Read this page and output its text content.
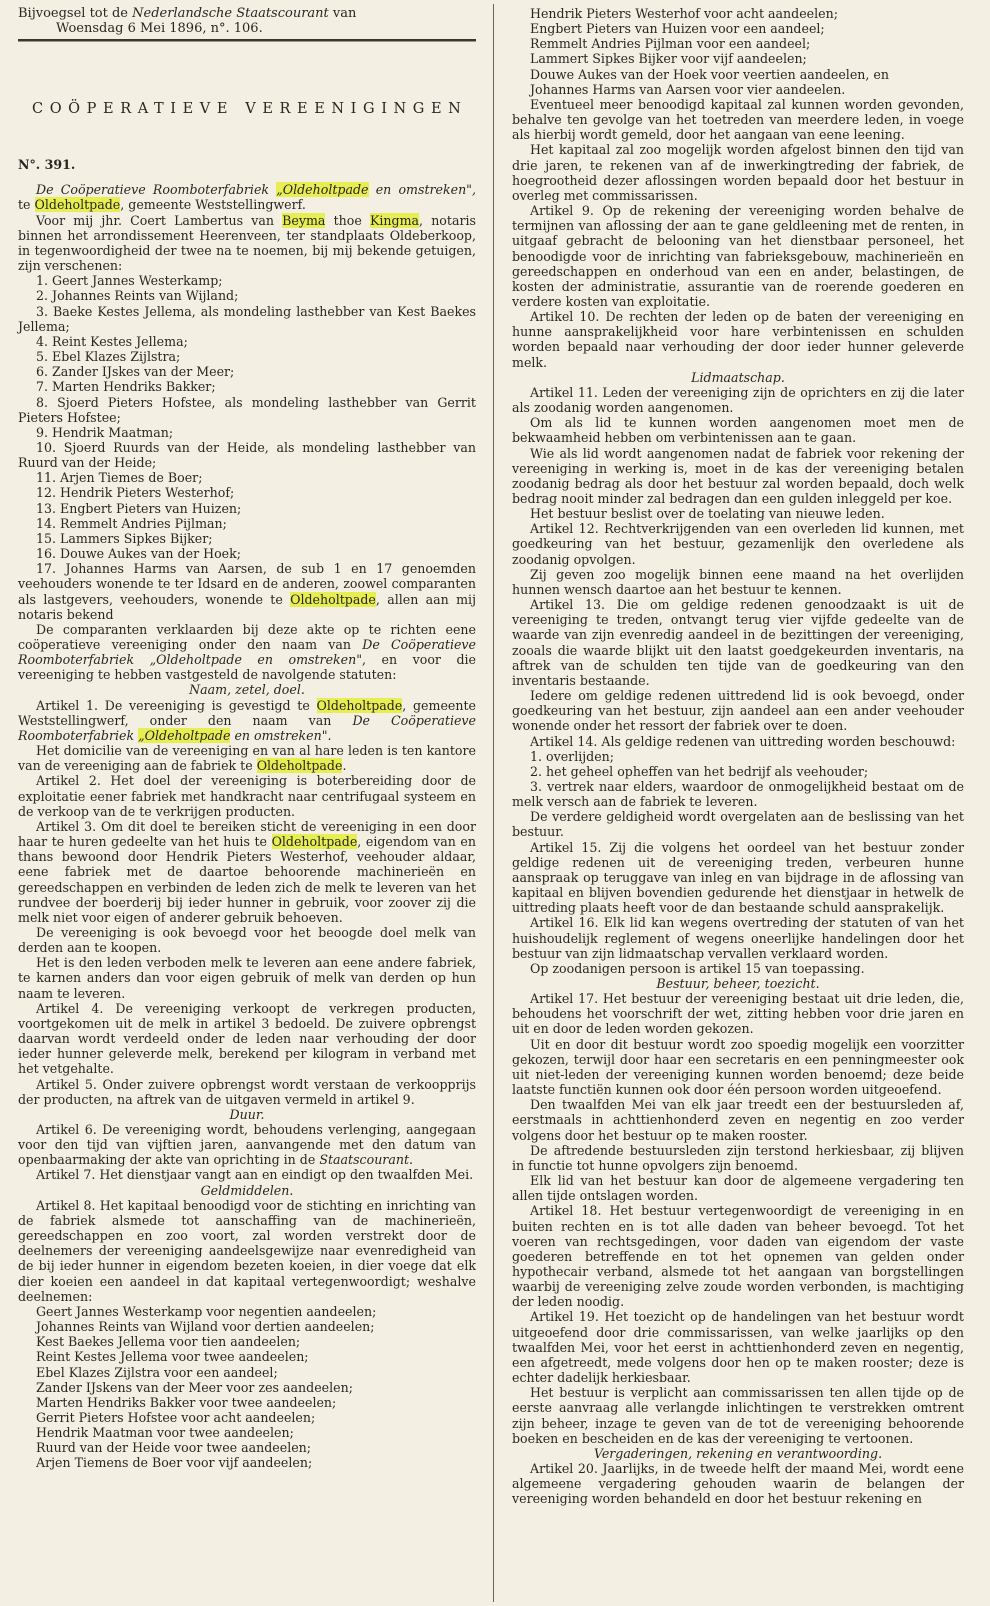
Bijvoegsel tot de Nederlandsche Staatscourant van

Woensdag 6 Mei 1896, n°. 106.

COÖPERATIEVE VEREENIGINGEN
N°. 391.

De Coöperatieve Roomboterfabriek „Oldeholtpade en omstreken", te Oldeholtpade, gemeente Weststellingwerf.

Voor mij jhr. Coert Lambertus van Beyma thoe Kingma, notaris binnen het arrondissement Heerenveen, ter standplaats Oldeberkoop, in tegenwoordigheid der twee na te noemen, bij mij bekende getuigen, zijn verschenen:

1. Geert Jannes Westerkamp;

2. Johannes Reints van Wijland;

3. Baeke Kestes Jellema, als mondeling lasthebber van Kest Baekes Jellema;

4. Reint Kestes Jellema;

5. Ebel Klazes Zijlstra;

6. Zander IJskes van der Meer;

7. Marten Hendriks Bakker;

8. Sjoerd Pieters Hofstee, als mondeling lasthebber van Gerrit Pieters Hofstee;

9. Hendrik Maatman;

10. Sjoerd Ruurds van der Heide, als mondeling lasthebber van Ruurd van der Heide;

11. Arjen Tiemes de Boer;

12. Hendrik Pieters Westerhof;

13. Engbert Pieters van Huizen;

14. Remmelt Andries Pijlman;

15. Lammers Sipkes Bijker;

16. Douwe Aukes van der Hoek;

17. Johannes Harms van Aarsen, de sub 1 en 17 genoemden veehouders wonende te ter Idsard en de anderen, zoowel comparanten als lastgevers, veehouders, wonende te Oldeholtpade, allen aan mij notaris bekend

De comparanten verklaarden bij deze akte op te richten eene coöperatieve vereeniging onder den naam van De Coöperatieve Roomboterfabriek „Oldeholtpade en omstreken", en voor die vereeniging te hebben vastgesteld de navolgende statuten:

Naam, zetel, doel.

Artikel 1. De vereeniging is gevestigd te Oldeholtpade, gemeente Weststellingwerf, onder den naam van De Coöperatieve Roomboterfabriek „Oldeholtpade en omstreken".

Het domicilie van de vereeniging en van al hare leden is ten kantore van de vereeniging aan de fabriek te Oldeholtpade.

Artikel 2. Het doel der vereeniging is boterbereiding door de exploitatie eener fabriek met handkracht naar centrifugaal systeem en de verkoop van de te verkrijgen producten.

Artikel 3. Om dit doel te bereiken sticht de vereeniging in een door haar te huren gedeelte van het huis te Oldeholtpade, eigendom van en thans bewoond door Hendrik Pieters Westerhof, veehouder aldaar, eene fabriek met de daartoe behoorende machinerieën en gereedschappen en verbinden de leden zich de melk te leveren van het rundvee der boerderij bij ieder hunner in gebruik, voor zoover zij die melk niet voor eigen of anderer gebruik behoeven.

De vereeniging is ook bevoegd voor het beoogde doel melk van derden aan te koopen.

Het is den leden verboden melk te leveren aan eene andere fabriek, te karnen anders dan voor eigen gebruik of melk van derden op hun naam te leveren.

Artikel 4. De vereeniging verkoopt de verkregen producten, voortgekomen uit de melk in artikel 3 bedoeld. De zuivere opbrengst daarvan wordt verdeeld onder de leden naar verhouding der door ieder hunner geleverde melk, berekend per kilogram in verband met het vetgehalte.

Artikel 5. Onder zuivere opbrengst wordt verstaan de verkoopprijs der producten, na aftrek van de uitgaven vermeld in artikel 9.

Duur.

Artikel 6. De vereeniging wordt, behoudens verlenging, aangegaan voor den tijd van vijftien jaren, aanvangende met den datum van openbaarmaking der akte van oprichting in de Staatscourant.

Artikel 7. Het dienstjaar vangt aan en eindigt op den twaalfden Mei.

Geldmiddelen.

Artikel 8. Het kapitaal benoodigd voor de stichting en inrichting van de fabriek alsmede tot aanschaffing van de machinerieën, gereedschappen en zoo voort, zal worden verstrekt door de deelnemers der vereeniging aandeelsgewijze naar evenredigheid van de bij ieder hunner in eigendom bezeten koeien, in dier voege dat elk dier koeien een aandeel in dat kapitaal vertegenwoordigt; weshalve deelnemen:

Geert Jannes Westerkamp voor negentien aandeelen;

Johannes Reints van Wijland voor dertien aandeelen;

Kest Baekes Jellema voor tien aandeelen;

Reint Kestes Jellema voor twee aandeelen;

Ebel Klazes Zijlstra voor een aandeel;

Zander IJskens van der Meer voor zes aandeelen;

Marten Hendriks Bakker voor twee aandeelen;

Gerrit Pieters Hofstee voor acht aandeelen;

Hendrik Maatman voor twee aandeelen;

Ruurd van der Heide voor twee aandeelen;

Arjen Tiemens de Boer voor vijf aandeelen;

Hendrik Pieters Westerhof voor acht aandeelen;

Engbert Pieters van Huizen voor een aandeel;

Remmelt Andries Pijlman voor een aandeel;

Lammert Sipkes Bijker voor vijf aandeelen;

Douwe Aukes van der Hoek voor veertien aandeelen, en

Johannes Harms van Aarsen voor vier aandeelen.

Eventueel meer benoodigd kapitaal zal kunnen worden gevonden, behalve ten gevolge van het toetreden van meerdere leden, in voege als hierbij wordt gemeld, door het aangaan van eene leening.

Het kapitaal zal zoo mogelijk worden afgelost binnen den tijd van drie jaren, te rekenen van af de inwerkingtreding der fabriek, de hoegrootheid dezer aflossingen worden bepaald door het bestuur in overleg met commissarissen.

Artikel 9. Op de rekening der vereeniging worden behalve de termijnen van aflossing der aan te gane geldleening met de renten, in uitgaaf gebracht de belooning van het dienstbaar personeel, het benoodigde voor de inrichting van fabrieksgebouw, machinerieën en gereedschappen en onderhoud van een en ander, belastingen, de kosten der administratie, assurantie van de roerende goederen en verdere kosten van exploitatie.

Artikel 10. De rechten der leden op de baten der vereeniging en hunne aansprakelijkheid voor hare verbintenissen en schulden worden bepaald naar verhouding der door ieder hunner geleverde melk.

Lidmaatschap.

Artikel 11. Leden der vereeniging zijn de oprichters en zij die later als zoodanig worden aangenomen.

Om als lid te kunnen worden aangenomen moet men de bekwaamheid hebben om verbintenissen aan te gaan.

Wie als lid wordt aangenomen nadat de fabriek voor rekening der vereeniging in werking is, moet in de kas der vereeniging betalen zoodanig bedrag als door het bestuur zal worden bepaald, doch welk bedrag nooit minder zal bedragen dan een gulden inleggeld per koe.

Het bestuur beslist over de toelating van nieuwe leden.

Artikel 12. Rechtverkrijgenden van een overleden lid kunnen, met goedkeuring van het bestuur, gezamenlijk den overledene als zoodanig opvolgen.

Zij geven zoo mogelijk binnen eene maand na het overlijden hunnen wensch daartoe aan het bestuur te kennen.

Artikel 13. Die om geldige redenen genoodzaakt is uit de vereeniging te treden, ontvangt terug vier vijfde gedeelte van de waarde van zijn evenredig aandeel in de bezittingen der vereeniging, zooals die waarde blijkt uit den laatst goedgekeurden inventaris, na aftrek van de schulden ten tijde van de goedkeuring van den inventaris bestaande.

Iedere om geldige redenen uittredend lid is ook bevoegd, onder goedkeuring van het bestuur, zijn aandeel aan een ander veehouder wonende onder het ressort der fabriek over te doen.

Artikel 14. Als geldige redenen van uittreding worden beschouwd:

1. overlijden;

2. het geheel opheffen van het bedrijf als veehouder;

3. vertrek naar elders, waardoor de onmogelijkheid bestaat om de melk versch aan de fabriek te leveren.

De verdere geldigheid wordt overgelaten aan de beslissing van het bestuur.

Artikel 15. Zij die volgens het oordeel van het bestuur zonder geldige redenen uit de vereeniging treden, verbeuren hunne aanspraak op teruggave van inleg en van bijdrage in de aflossing van kapitaal en blijven bovendien gedurende het dienstjaar in hetwelk de uittreding plaats heeft voor de dan bestaande schuld aansprakelijk.

Artikel 16. Elk lid kan wegens overtreding der statuten of van het huishoudelijk reglement of wegens oneerlijke handelingen door het bestuur van zijn lidmaatschap vervallen verklaard worden.

Op zoodanigen persoon is artikel 15 van toepassing.

Bestuur, beheer, toezicht.

Artikel 17. Het bestuur der vereeniging bestaat uit drie leden, die, behoudens het voorschrift der wet, zitting hebben voor drie jaren en uit en door de leden worden gekozen.

Uit en door dit bestuur wordt zoo spoedig mogelijk een voorzitter gekozen, terwijl door haar een secretaris en een penningmeester ook uit niet-leden der vereeniging kunnen worden benoemd; deze beide laatste functiën kunnen ook door één persoon worden uitgeoefend.

Den twaalfden Mei van elk jaar treedt een der bestuursleden af, eerstmaals in achttienhonderd zeven en negentig en zoo verder volgens door het bestuur op te maken rooster.

De aftredende bestuursleden zijn terstond herkiesbaar, zij blijven in functie tot hunne opvolgers zijn benoemd.

Elk lid van het bestuur kan door de algemeene vergadering ten allen tijde ontslagen worden.

Artikel 18. Het bestuur vertegenwoordigt de vereeniging in en buiten rechten en is tot alle daden van beheer bevoegd. Tot het voeren van rechtsgedingen, voor daden van eigendom der vaste goederen betreffende en tot het opnemen van gelden onder hypothecair verband, alsmede tot het aangaan van borgstellingen waarbij de vereeniging zelve zoude worden verbonden, is machtiging der leden noodig.

Artikel 19. Het toezicht op de handelingen van het bestuur wordt uitgeoefend door drie commissarissen, van welke jaarlijks op den twaalfden Mei, voor het eerst in achttienhonderd zeven en negentig, een afgetreedt, mede volgens door hen op te maken rooster; deze is echter dadelijk herkiesbaar.

Het bestuur is verplicht aan commissarissen ten allen tijde op de eerste aanvraag alle verlangde inlichtingen te verstrekken omtrent zijn beheer, inzage te geven van de tot de vereeniging behoorende boeken en bescheiden en de kas der vereeniging te vertoonen.

Vergaderingen, rekening en verantwoording.

Artikel 20. Jaarlijks, in de tweede helft der maand Mei, wordt eene algemeene vergadering gehouden waarin de belangen der vereeniging worden behandeld en door het bestuur rekening en
